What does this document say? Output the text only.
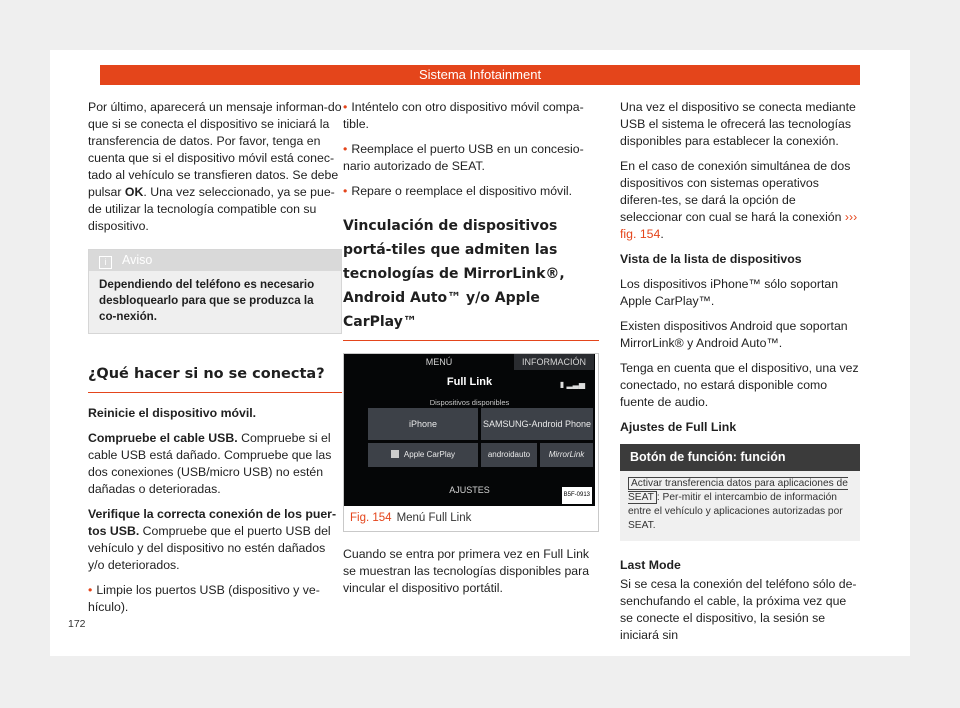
Sistema Infotainment

Por último, aparecerá un mensaje informan-do que si se conecta el dispositivo se iniciará la transferencia de datos. Por favor, tenga en cuenta que si el dispositivo móvil está conec-tado al vehículo se transfieren datos. Se debe pulsar OK. Una vez seleccionado, ya se pue-de utilizar la tecnología compatible con su dispositivo.

i Aviso
Dependiendo del teléfono es necesario desbloquearlo para que se produzca la co-nexión.
¿Qué hacer si no se conecta?

Reinicie el dispositivo móvil.

Compruebe el cable USB. Compruebe si el cable USB está dañado. Compruebe que las dos conexiones (USB/micro USB) no estén dañadas o deterioradas.

Verifique la correcta conexión de los puer-tos USB. Compruebe que el puerto USB del vehículo y del dispositivo no estén dañados y/o deteriorados.

• Limpie los puertos USB (dispositivo y ve-hículo).

• Inténtelo con otro dispositivo móvil compa-tible.

• Reemplace el puerto USB en un concesio-nario autorizado de SEAT.

• Repare o reemplace el dispositivo móvil.

Vinculación de dispositivos portá-tiles que admiten las tecnologías de MirrorLink®, Android Auto™ y/o Apple CarPlay™
MENÚ	INFORMACIÓN
Full Link	▮ ▂▃▅
Dispositivos disponibles
iPhone	SAMSUNG-Android Phone
Apple CarPlay	androidauto	MirrorLink
AJUSTES	B5F-0913
Fig. 154 Menú Full Link

Cuando se entra por primera vez en Full Link se muestran las tecnologías disponibles para vincular el dispositivo portátil.

Una vez el dispositivo se conecta mediante USB el sistema le ofrecerá las tecnologías disponibles para establecer la conexión.

En el caso de conexión simultánea de dos dispositivos con sistemas operativos diferen-tes, se dará la opción de seleccionar con cual se hará la conexión ››› fig. 154.

Vista de la lista de dispositivos

Los dispositivos iPhone™ sólo soportan Apple CarPlay™.

Existen dispositivos Android que soportan MirrorLink® y Android Auto™.

Tenga en cuenta que el dispositivo, una vez conectado, no estará disponible como fuente de audio.

Ajustes de Full Link

Botón de función: función
Activar transferencia datos para aplicaciones de SEAT : Per-mitir el intercambio de información entre el vehículo y aplicaciones autorizadas por SEAT.

Last Mode

Si se cesa la conexión del teléfono sólo de-senchufando el cable, la próxima vez que se conecte el dispositivo, la sesión se iniciará sin

172
